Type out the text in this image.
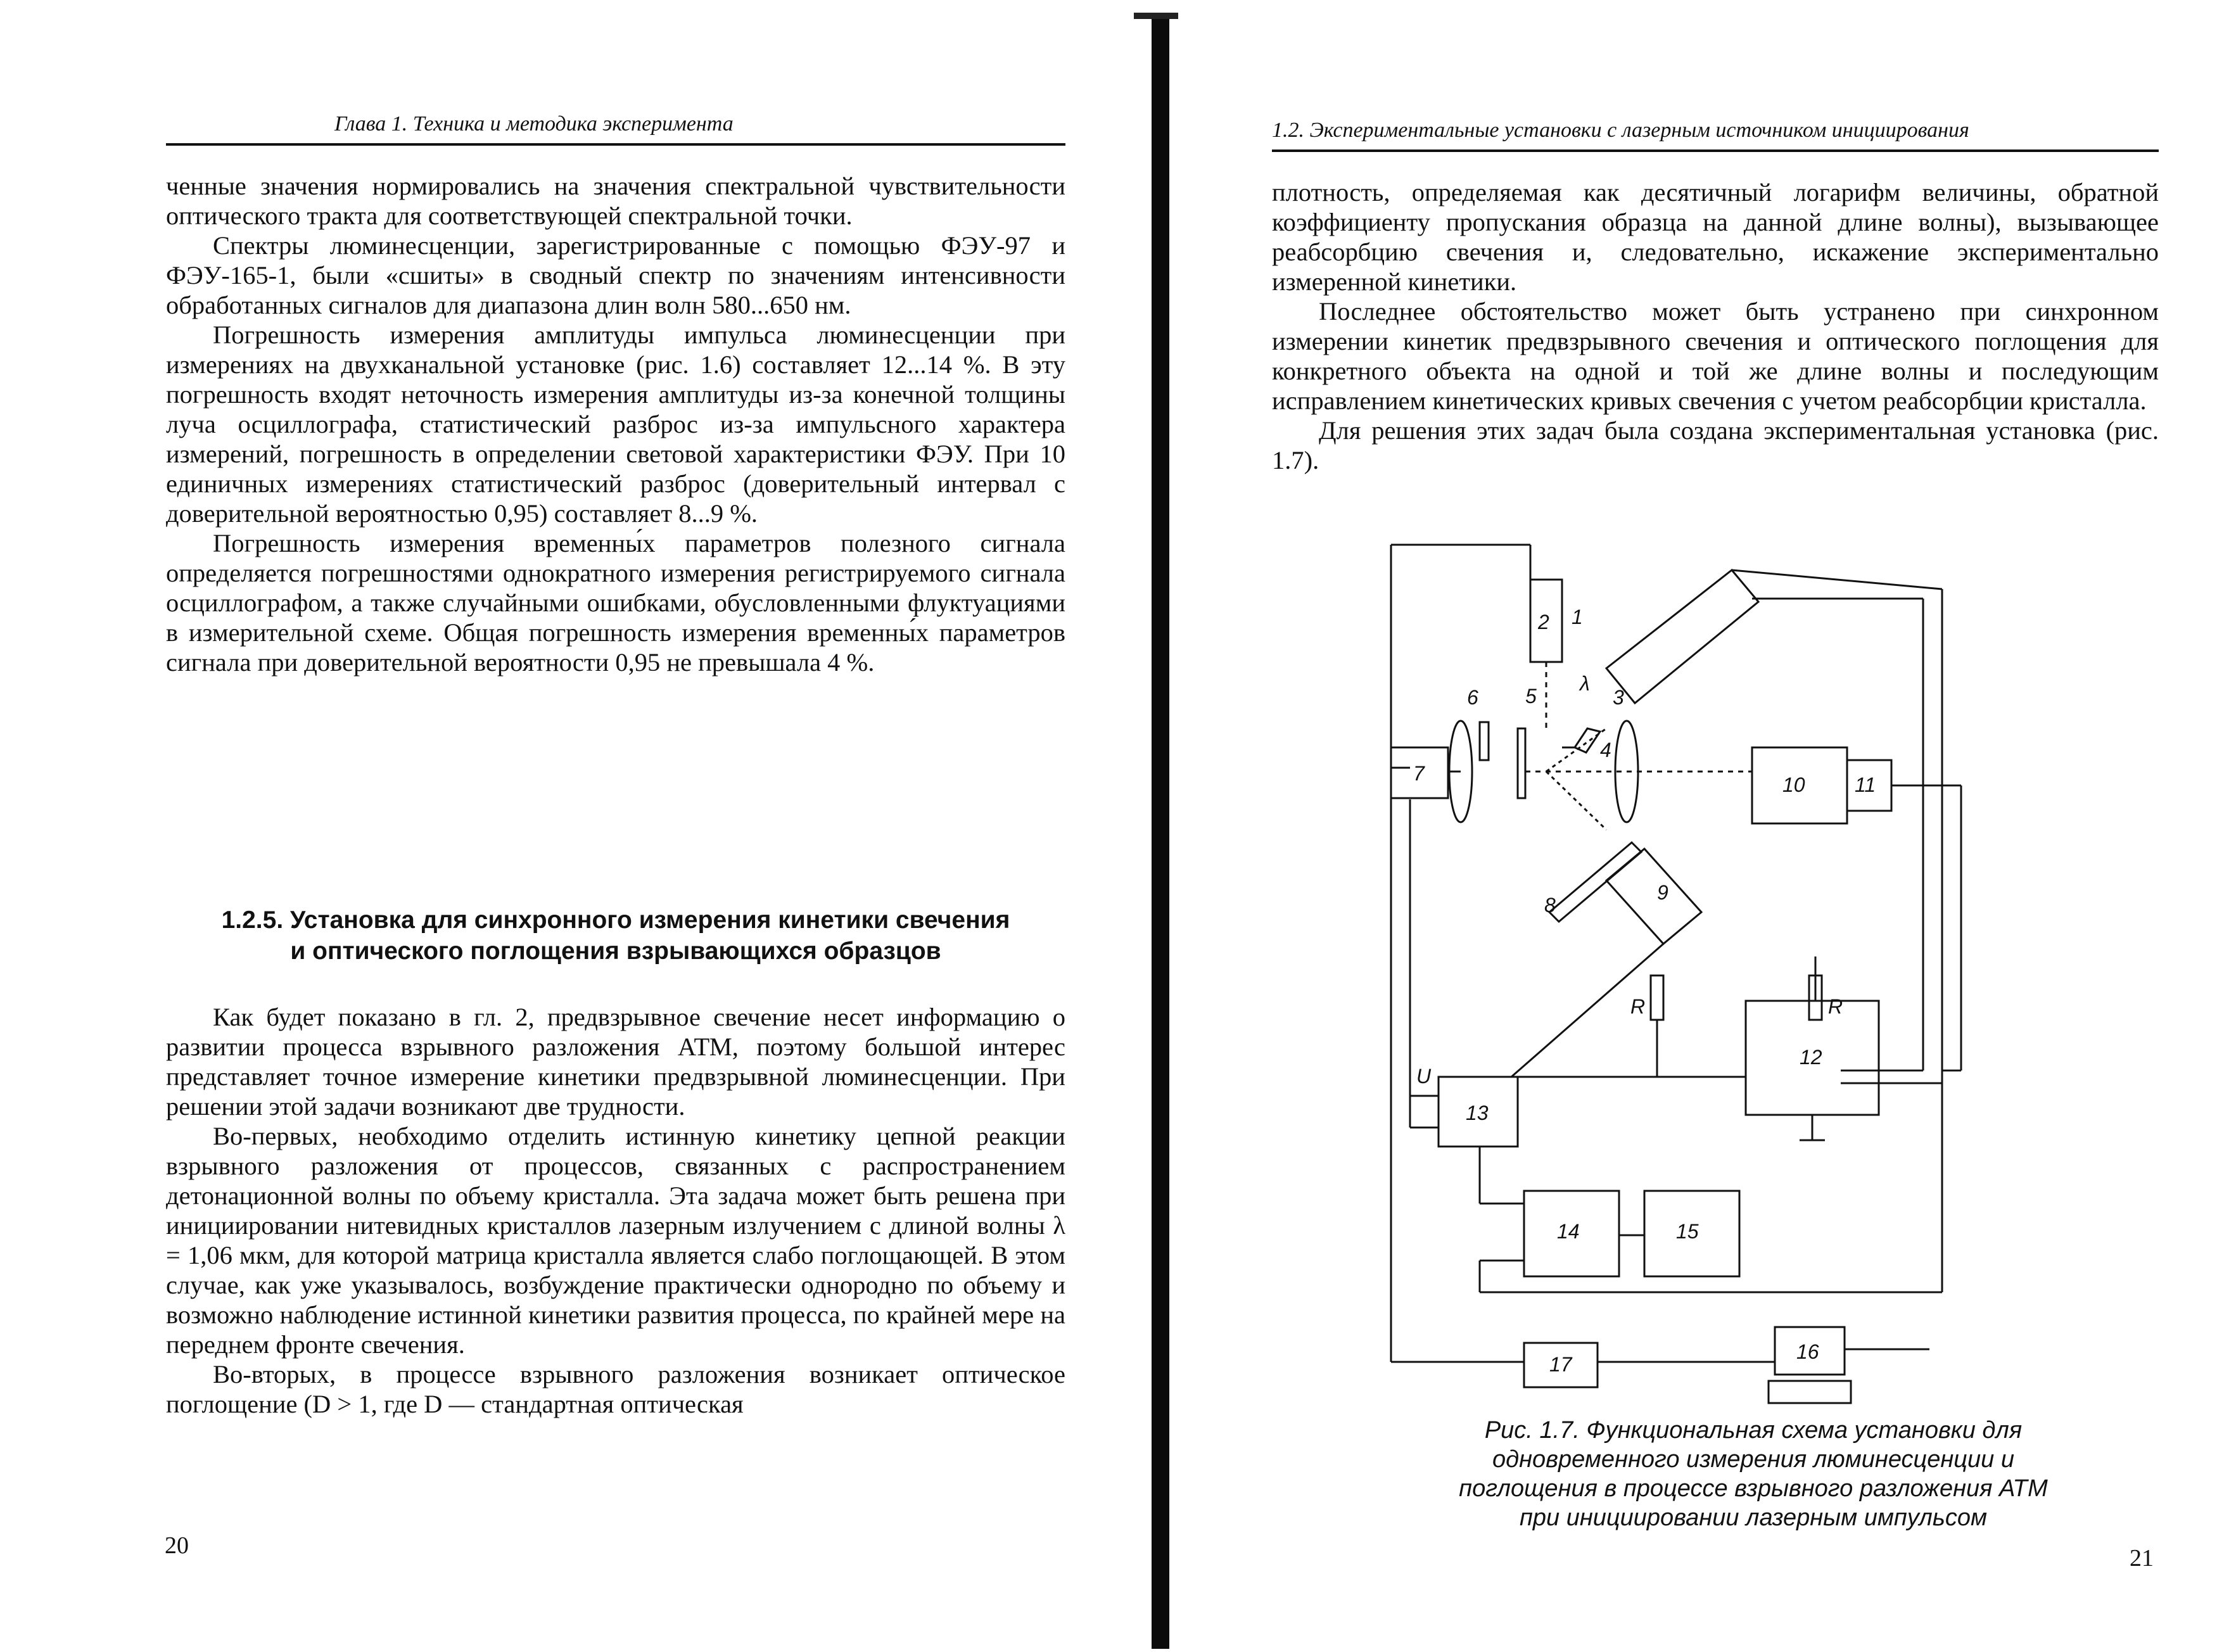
Глава 1. Техника и методика эксперимента

ченные значения нормировались на значения спектральной чувствительности оптического тракта для соответствующей спектральной точки.

Спектры люминесценции, зарегистрированные с помощью ФЭУ-97 и ФЭУ-165-1, были «сшиты» в сводный спектр по значениям интенсивности обработанных сигналов для диапазона длин волн 580...650 нм.

Погрешность измерения амплитуды импульса люминесценции при измерениях на двухканальной установке (рис. 1.6) составляет 12...14 %. В эту погрешность входят неточность измерения амплитуды из-за конечной толщины луча осциллографа, статистический разброс из-за импульсного характера измерений, погрешность в определении световой характеристики ФЭУ. При 10 единичных измерениях статистический разброс (доверительный интервал с доверительной вероятностью 0,95) составляет 8...9 %.

Погрешность измерения временны́х параметров полезного сигнала определяется погрешностями однократного измерения регистрируемого сигнала осциллографом, а также случайными ошибками, обусловленными флуктуациями в измерительной схеме. Общая погрешность измерения временны́х параметров сигнала при доверительной вероятности 0,95 не превышала 4 %.

1.2.5. Установка для синхронного измерения кинетики свечения
и оптического поглощения взрывающихся образцов

Как будет показано в гл. 2, предвзрывное свечение несет информацию о развитии процесса взрывного разложения АТМ, поэтому большой интерес представляет точное измерение кинетики предвзрывной люминесценции. При решении этой задачи возникают две трудности.

Во-первых, необходимо отделить истинную кинетику цепной реакции взрывного разложения от процессов, связанных с распространением детонационной волны по объему кристалла. Эта задача может быть решена при инициировании нитевидных кристаллов лазерным излучением с длиной волны λ = 1,06 мкм, для которой матрица кристалла является слабо поглощающей. В этом случае, как уже указывалось, возбуждение практически однородно по объему и возможно наблюдение истинной кинетики развития процесса, по крайней мере на переднем фронте свечения.

Во-вторых, в процессе взрывного разложения возникает оптическое поглощение (D > 1, где D — стандартная оптическая

20
1.2. Экспериментальные установки с лазерным источником инициирования

плотность, определяемая как десятичный логарифм величины, обратной коэффициенту пропускания образца на данной длине волны), вызывающее реабсорбцию свечения и, следовательно, искажение экспериментально измеренной кинетики.

Последнее обстоятельство может быть устранено при синхронном измерении кинетик предвзрывного свечения и оптического поглощения для конкретного объекта на одной и той же длине волны и последующим исправлением кинетических кривых свечения с учетом реабсорбции кристалла.

Для решения этих задач была создана экспериментальная установка (рис. 1.7).

1
2
3
4
5
6
7
8
9
10 11
12
13
14	15
16
17
λ
R	R
U
Рис. 1.7. Функциональная схема установки для
одновременного измерения люминесценции и
поглощения в процессе взрывного разложения АТМ
при инициировании лазерным импульсом
21
